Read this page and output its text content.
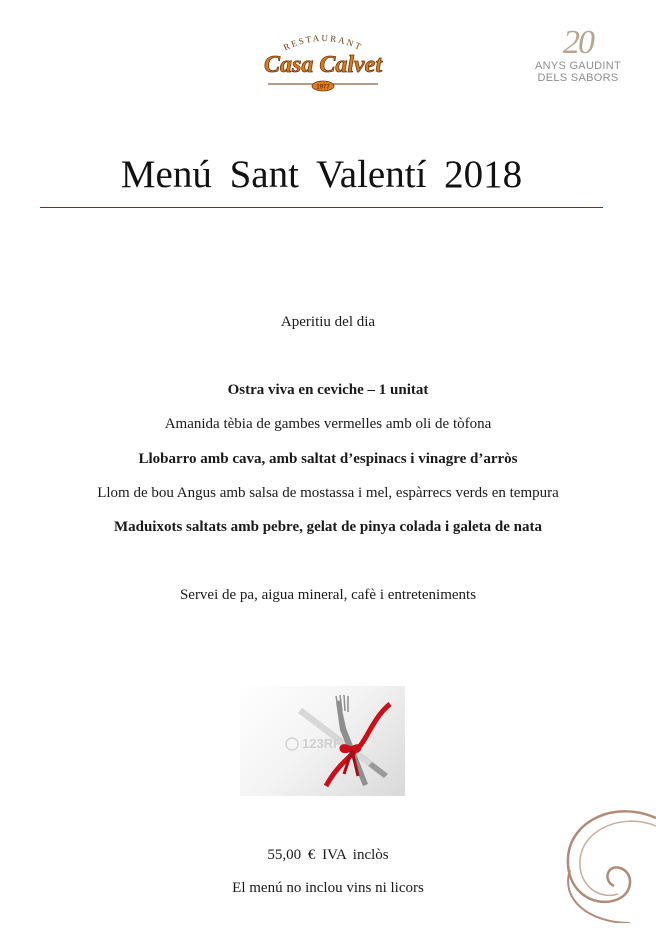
RESTAURANT
Casa Calvet
1977
20
ANYS GAUDINT
DELS SABORS
Menú Sant Valentí 2018
Aperitiu del dia
Ostra viva en ceviche – 1 unitat
Amanida tèbia de gambes vermelles amb oli de tòfona
Llobarro amb cava, amb saltat d’espinacs i vinagre d’arròs
Llom de bou Angus amb salsa de mostassa i mel, espàrrecs verds en tempura
Maduixots saltats amb pebre, gelat de pinya colada i galeta de nata
Servei de pa, aigua mineral, cafè i entreteniments
123RF
55,00 € IVA inclòs
El menú no inclou vins ni licors
